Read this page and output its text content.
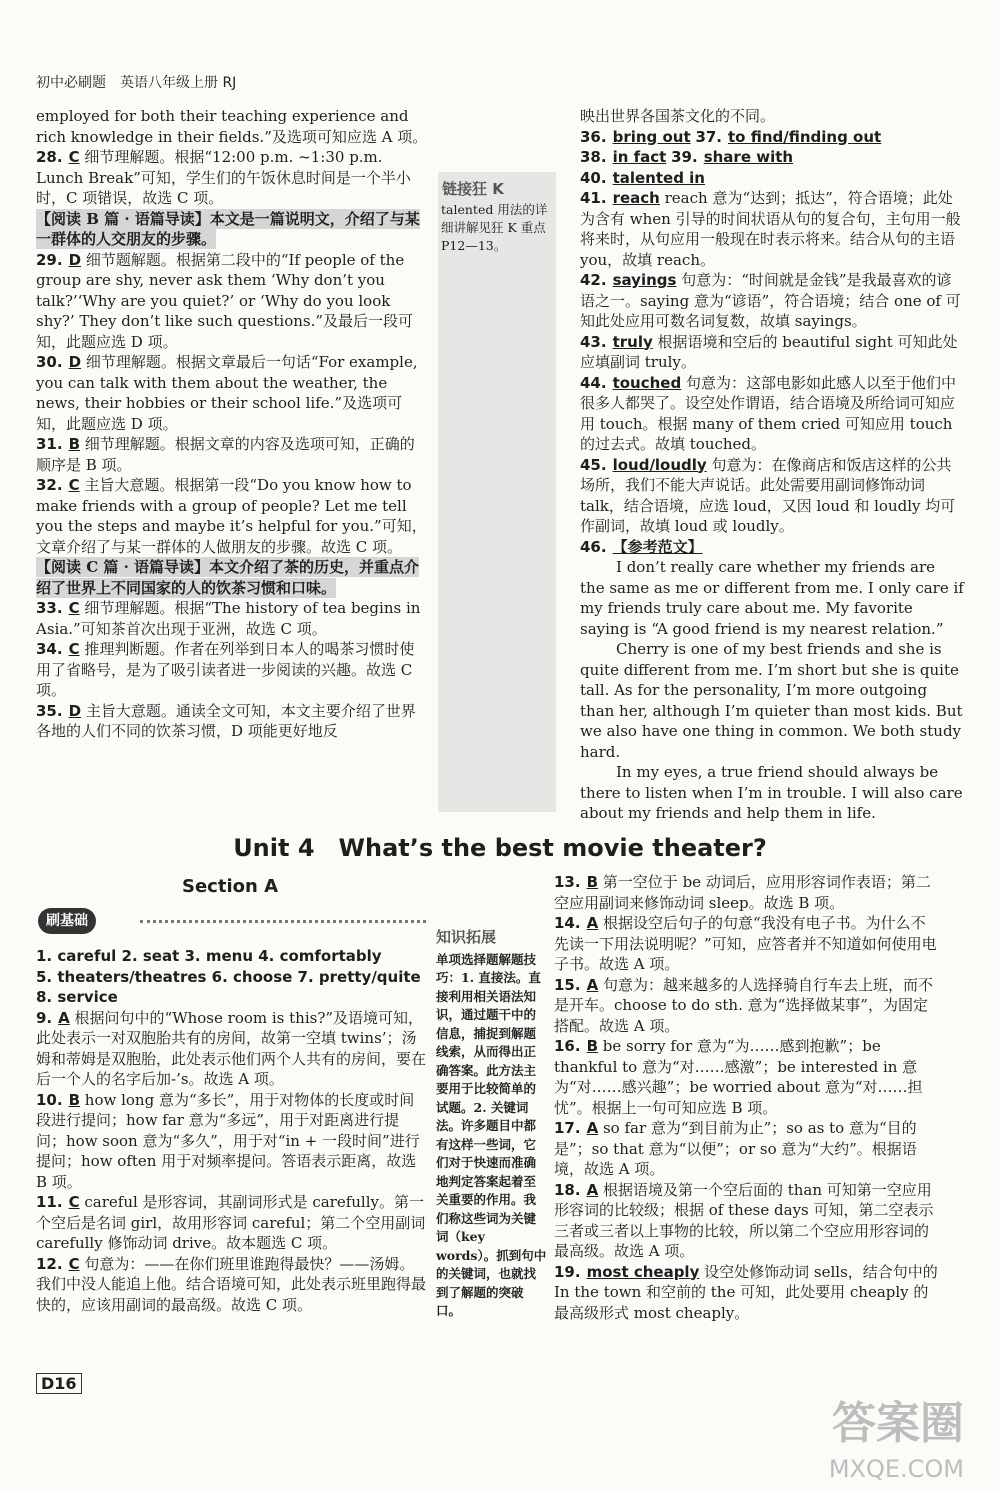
初中必刷题　英语八年级上册 RJ

employed for both their teaching experience and rich knowledge in their fields.”及选项可知应选 A 项。

28. C 细节理解题。根据“12:00 p.m. ~1:30 p.m. Lunch Break”可知，学生们的午饭休息时间是一个半小时，C 项错误，故选 C 项。

【阅读 B 篇 · 语篇导读】本文是一篇说明文，介绍了与某一群体的人交朋友的步骤。

29. D 细节题解题。根据第二段中的“If people of the group are shy, never ask them ‘Why don’t you talk?’‘Why are you quiet?’ or ‘Why do you look shy?’ They don’t like such questions.”及最后一段可知，此题应选 D 项。

30. D 细节理解题。根据文章最后一句话“For example, you can talk with them about the weather, the news, their hobbies or their school life.”及选项可知，此题应选 D 项。

31. B 细节理解题。根据文章的内容及选项可知，正确的顺序是 B 项。

32. C 主旨大意题。根据第一段“Do you know how to make friends with a group of people? Let me tell you the steps and maybe it’s helpful for you.”可知，文章介绍了与某一群体的人做朋友的步骤。故选 C 项。

【阅读 C 篇 · 语篇导读】本文介绍了茶的历史，并重点介绍了世界上不同国家的人的饮茶习惯和口味。

33. C 细节理解题。根据“The history of tea begins in Asia.”可知茶首次出现于亚洲，故选 C 项。

34. C 推理判断题。作者在列举到日本人的喝茶习惯时使用了省略号，是为了吸引读者进一步阅读的兴趣。故选 C 项。

35. D 主旨大意题。通读全文可知，本文主要介绍了世界各地的人们不同的饮茶习惯，D 项能更好地反

链接狂 K
talented 用法的详细讲解见狂 K 重点 P12—13。

映出世界各国茶文化的不同。

36. bring out 37. to find/finding out

38. in fact 39. share with

40. talented in

41. reach reach 意为“达到；抵达”，符合语境；此处为含有 when 引导的时间状语从句的复合句，主句用一般将来时，从句应用一般现在时表示将来。结合从句的主语 you，故填 reach。

42. sayings 句意为：“时间就是金钱”是我最喜欢的谚语之一。saying 意为“谚语”，符合语境；结合 one of 可知此处应用可数名词复数，故填 sayings。

43. truly 根据语境和空后的 beautiful sight 可知此处应填副词 truly。

44. touched 句意为：这部电影如此感人以至于他们中很多人都哭了。设空处作谓语，结合语境及所给词可知应用 touch。根据 many of them cried 可知应用 touch 的过去式。故填 touched。

45. loud/loudly 句意为：在像商店和饭店这样的公共场所，我们不能大声说话。此处需要用副词修饰动词 talk，结合语境，应选 loud，又因 loud 和 loudly 均可作副词，故填 loud 或 loudly。

46. 【参考范文】

I don’t really care whether my friends are the same as me or different from me. I only care if my friends truly care about me. My favorite saying is “A good friend is my nearest relation.”

Cherry is one of my best friends and she is quite different from me. I’m short but she is quite tall. As for the personality, I’m more outgoing than her, although I’m quieter than most kids. But we also have one thing in common. We both study hard.

In my eyes, a true friend should always be there to listen when I’m in trouble. I will also care about my friends and help them in life.

Unit 4　What’s the best movie theater?
Section A
刷基础

1. careful 2. seat 3. menu 4. comfortably

5. theaters/theatres 6. choose 7. pretty/quite

8. service

9. A 根据问句中的“Whose room is this?”及语境可知，此处表示一对双胞胎共有的房间，故第一空填 twins’；汤姆和蒂姆是双胞胎，此处表示他们两个人共有的房间，要在后一个人的名字后加-’s。故选 A 项。

10. B how long 意为“多长”，用于对物体的长度或时间段进行提问；how far 意为“多远”，用于对距离进行提问；how soon 意为“多久”，用于对“in + 一段时间”进行提问；how often 用于对频率提问。答语表示距离，故选 B 项。

11. C careful 是形容词，其副词形式是 carefully。第一个空后是名词 girl，故用形容词 careful；第二个空用副词 carefully 修饰动词 drive。故本题选 C 项。

12. C 句意为：——在你们班里谁跑得最快？——汤姆。我们中没人能追上他。结合语境可知，此处表示班里跑得最快的，应该用副词的最高级。故选 C 项。

知识拓展
单项选择题解题技巧：1. 直接法。直接利用相关语法知识，通过题干中的信息，捕捉到解题线索，从而得出正确答案。此方法主要用于比较简单的试题。2. 关键词法。许多题目中都有这样一些词，它们对于快速而准确地判定答案起着至关重要的作用。我们称这些词为关键词（key words）。抓到句中的关键词，也就找到了解题的突破口。

13. B 第一空位于 be 动词后，应用形容词作表语；第二空应用副词来修饰动词 sleep。故选 B 项。

14. A 根据设空后句子的句意“我没有电子书。为什么不先读一下用法说明呢？”可知，应答者并不知道如何使用电子书。故选 A 项。

15. A 句意为：越来越多的人选择骑自行车去上班，而不是开车。choose to do sth. 意为“选择做某事”，为固定搭配。故选 A 项。

16. B be sorry for 意为“为……感到抱歉”；be thankful to 意为“对……感激”；be interested in 意为“对……感兴趣”；be worried about 意为“对……担忧”。根据上一句可知应选 B 项。

17. A so far 意为“到目前为止”；so as to 意为“目的是”；so that 意为“以便”；or so 意为“大约”。根据语境，故选 A 项。

18. A 根据语境及第一个空后面的 than 可知第一空应用形容词的比较级；根据 of these days 可知，第二空表示三者或三者以上事物的比较，所以第二个空应用形容词的最高级。故选 A 项。

19. most cheaply 设空处修饰动词 sells，结合句中的 In the town 和空前的 the 可知，此处要用 cheaply 的最高级形式 most cheaply。

D16
答案圈
MXQE.COM
